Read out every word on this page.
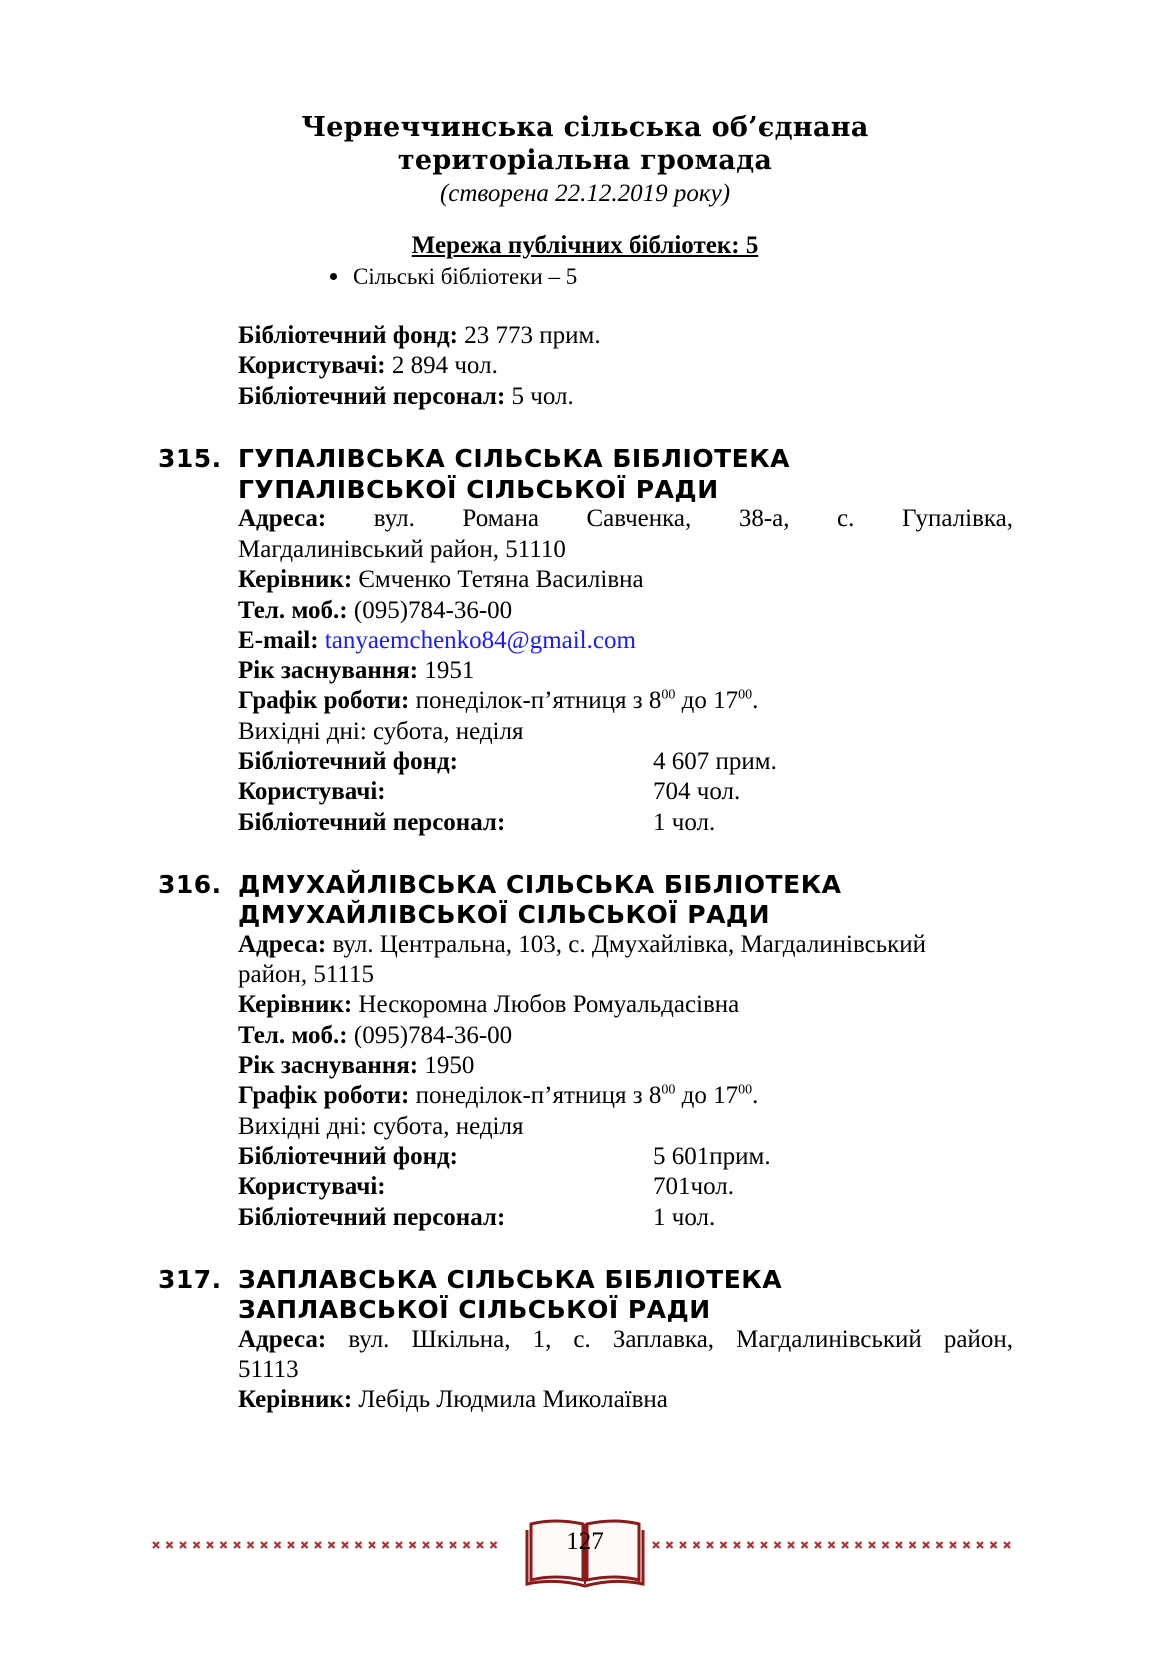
Чернеччинська сільська об’єднана
територіальна громада
(створена 22.12.2019 року)
Мережа публічних бібліотек: 5
Сільські бібліотеки – 5
Бібліотечний фонд: 23 773 прим.
Користувачі: 2 894 чол.
Бібліотечний персонал: 5 чол.
315. ГУПАЛІВСЬКА СІЛЬСЬКА БІБЛІОТЕКА
ГУПАЛІВСЬКОЇ СІЛЬСЬКОЇ РАДИ
Адреса: вул. Романа Савченка, 38-а, с. Гупалівка,
Магдалинівський район, 51110
Керівник: Ємченко Тетяна Василівна
Тел. моб.: (095)784-36-00
E-mail: tanyaemchenko84@gmail.com
Рік заснування: 1951
Графік роботи: понеділок-п’ятниця з $8^{00}$ до $17^{00}$.
Вихідні дні: субота, неділя
Бібліотечний фонд:	4 607 прим.
Користувачі:	704 чол.
Бібліотечний персонал:	1 чол.
316. ДМУХАЙЛІВСЬКА СІЛЬСЬКА БІБЛІОТЕКА
ДМУХАЙЛІВСЬКОЇ СІЛЬСЬКОЇ РАДИ
Адреса: вул. Центральна, 103, с. Дмухайлівка, Магдалинівський
район, 51115
Керівник: Нескоромна Любов Ромуальдасівна
Тел. моб.: (095)784-36-00
Рік заснування: 1950
Графік роботи: понеділок-п’ятниця з $8^{00}$ до $17^{00}$.
Вихідні дні: субота, неділя
Бібліотечний фонд:	5 601прим.
Користувачі:	701чол.
Бібліотечний персонал:	1 чол.
317. ЗАПЛАВСЬКА СІЛЬСЬКА БІБЛІОТЕКА
ЗАПЛАВСЬКОЇ СІЛЬСЬКОЇ РАДИ
Адреса: вул. Шкільна, 1, с. Заплавка, Магдалинівський район,
51113
Керівник: Лебідь Людмила Миколаївна
127
